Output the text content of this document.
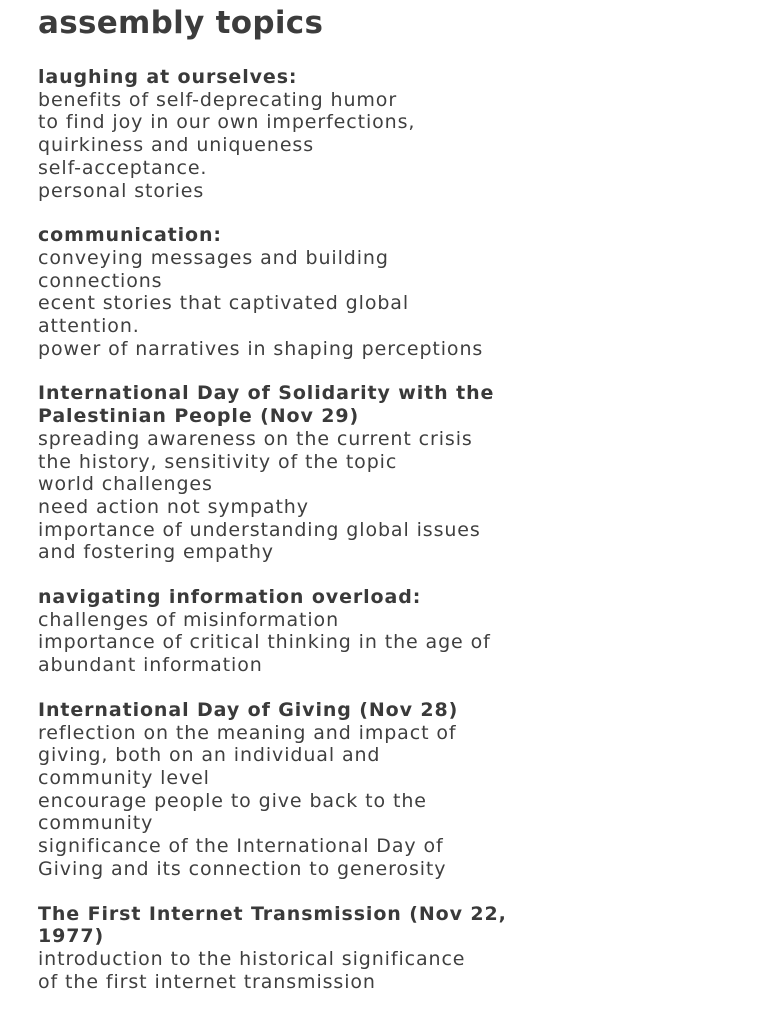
assembly topics
laughing at ourselves:
benefits of self-deprecating humor
to find joy in our own imperfections,
quirkiness and uniqueness
self-acceptance.
personal stories
communication:
conveying messages and building
connections
ecent stories that captivated global
attention.
power of narratives in shaping perceptions
International Day of Solidarity with the
Palestinian People (Nov 29)
spreading awareness on the current crisis
the history, sensitivity of the topic
world challenges
need action not sympathy
importance of understanding global issues
and fostering empathy
navigating information overload:
challenges of misinformation
importance of critical thinking in the age of
abundant information
International Day of Giving (Nov 28)
reflection on the meaning and impact of
giving, both on an individual and
community level
encourage people to give back to the
community
significance of the International Day of
Giving and its connection to generosity
The First Internet Transmission (Nov 22,
1977)
introduction to the historical significance
of the first internet transmission
